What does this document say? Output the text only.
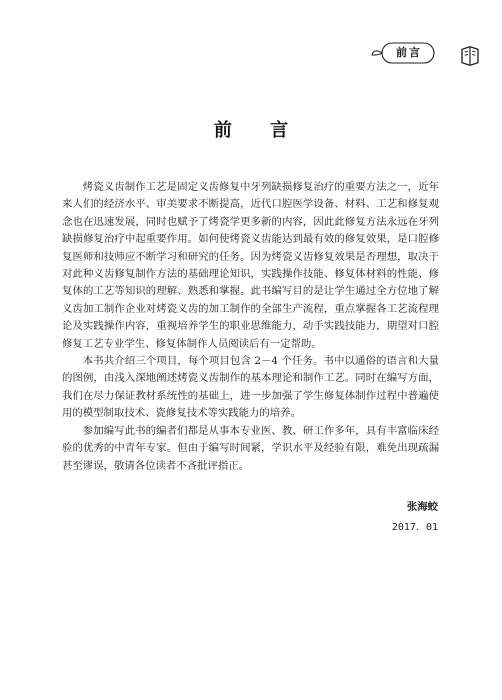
前言
前 言

烤瓷义齿制作工艺是固定义齿修复中牙列缺损修复治疗的重要方法之一，近年来人们的经济水平、审美要求不断提高，近代口腔医学设备、材料、工艺和修复观念也在迅速发展，同时也赋予了烤瓷学更多新的内容，因此此修复方法永远在牙列缺损修复治疗中起重要作用。如何使烤瓷义齿能达到最有效的修复效果，是口腔修复医师和技师应不断学习和研究的任务。因为烤瓷义齿修复效果是否理想，取决于对此种义齿修复制作方法的基础理论知识，实践操作技能、修复体材料的性能、修复体的工艺等知识的理解、熟悉和掌握。此书编写目的是让学生通过全方位地了解义齿加工制作企业对烤瓷义齿的加工制作的全部生产流程，重点掌握各工艺流程理论及实践操作内容，重视培养学生的职业思维能力，动手实践技能力，期望对口腔修复工艺专业学生、修复体制作人员阅读后有一定帮助。

本书共介绍三个项目，每个项目包含 2－4 个任务。书中以通俗的语言和大量的图例，由浅入深地阐述烤瓷义齿制作的基本理论和制作工艺。同时在编写方面，我们在尽力保证教材系统性的基础上，进一步加强了学生修复体制作过程中普遍使用的模型制取技术、瓷修复技术等实践能力的培养。

参加编写此书的编者们都是从事本专业医、教、研工作多年，具有丰富临床经验的优秀的中青年专家。但由于编写时间紧，学识水平及经验有限，难免出现疏漏甚至谬误，敬请各位读者不吝批评指正。

张海蛟
2017．01
